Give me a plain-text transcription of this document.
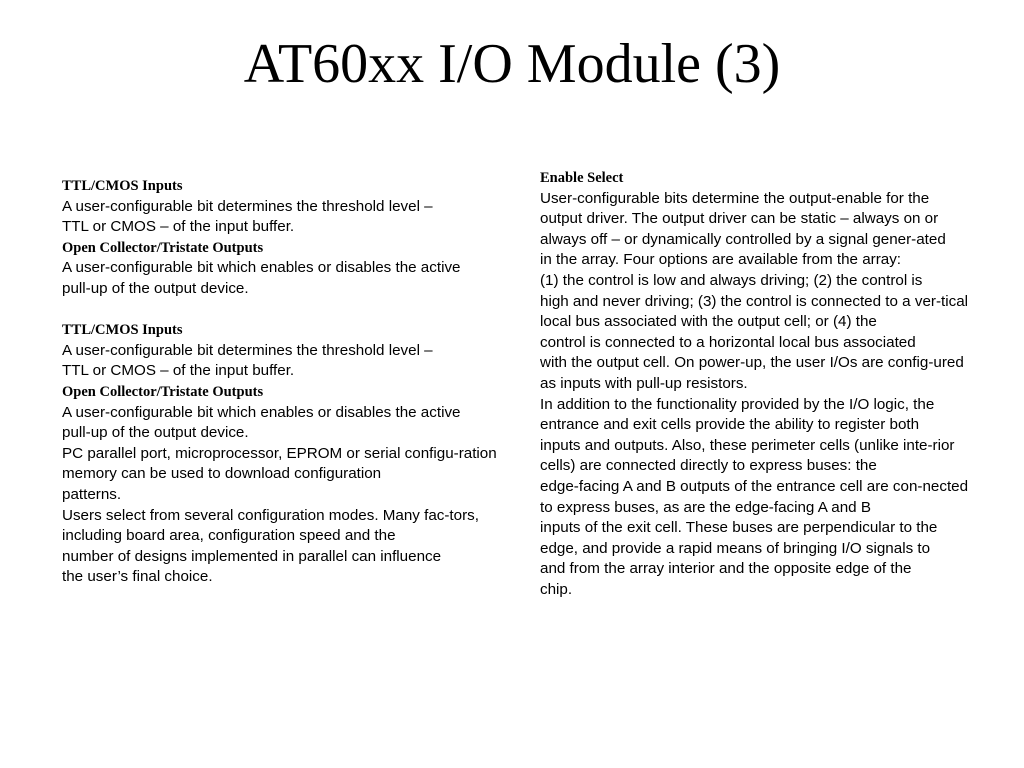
AT60xx I/O Module (3)
TTL/CMOS Inputs
A user-configurable bit determines the threshold level –
TTL or CMOS – of the input buffer.
Open Collector/Tristate Outputs
A user-configurable bit which enables or disables the active
pull-up of the output device.
TTL/CMOS Inputs
A user-configurable bit determines the threshold level –
TTL or CMOS – of the input buffer.
Open Collector/Tristate Outputs
A user-configurable bit which enables or disables the active
pull-up of the output device.
PC parallel port, microprocessor, EPROM or serial configu-ration
memory can be used to download configuration
patterns.
Users select from several configuration modes. Many fac-tors,
including board area, configuration speed and the
number of designs implemented in parallel can influence
the user’s final choice.
Enable Select
User-configurable bits determine the output-enable for the
output driver. The output driver can be static – always on or
always off – or dynamically controlled by a signal gener-ated
in the array. Four options are available from the array:
(1) the control is low and always driving; (2) the control is
high and never driving; (3) the control is connected to a ver-tical
local bus associated with the output cell; or (4) the
control is connected to a horizontal local bus associated
with the output cell. On power-up, the user I/Os are config-ured
as inputs with pull-up resistors.
In addition to the functionality provided by the I/O logic, the
entrance and exit cells provide the ability to register both
inputs and outputs. Also, these perimeter cells (unlike inte-rior
cells) are connected directly to express buses: the
edge-facing A and B outputs of the entrance cell are con-nected
to express buses, as are the edge-facing A and B
inputs of the exit cell. These buses are perpendicular to the
edge, and provide a rapid means of bringing I/O signals to
and from the array interior and the opposite edge of the
chip.
